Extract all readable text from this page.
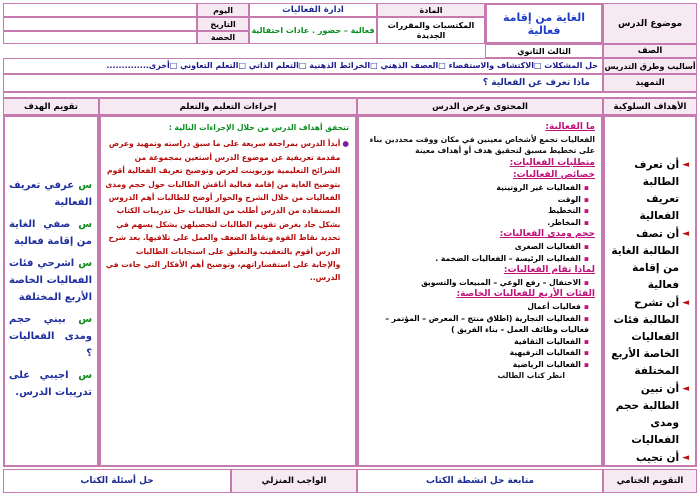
موضوع الدرس
الغاية من إقامة فعالية
المادة
المكتسبات والمقررات الجديدة
ادارة الفعاليات
فعالية – حضور . عادات احتفالية
اليوم
التاريخ
الحصة
الصف
الثالث الثانوي
أساليب وطرق التدريس
حل المشكلات □الاكتشاف والاستقصاء □العصف الذهني □الخرائط الذهنية □التعلم الذاتي □التعلم التعاوني □أخرى..............
التمهيد
ماذا تعرف عن الفعالية ؟
الأهداف السلوكية
المحتوى وعرض الدرس
إجراءات التعليم والتعلم
تقويم الهدف
◄
أن تعرف الطالبة تعريف الفعالية
◄
أن تصف الطالبة الغاية من إقامة فعالية
◄
أن تشرح الطالبة فئات الفعاليات الخاصة الأربع المختلفة
◄
أن تبين الطالبة حجم ومدى الفعاليات
◄
أن تجيب
ما الفعالية:
الفعاليات تجمع لأشخاص معينين في مكان ووقت محددين بناء على تخطيط مسبق لتحقيق هدف أو أهداف معينة
متطلبات الفعاليات:
خصائص الفعاليات:
▪ الفعاليات غير الروتينية
▪ الوقت
▪ التخطيط
▪ المخاطر.
حجم ومدى الفعاليات:
▪ الفعاليات الصغرى
▪ الفعاليات الرئيسة – الفعاليات الضخمة .
لماذا تقام الفعاليات:
▪ الاحتفال – رفع الوعي – المبيعات والتسويق
الفئات الأربع للفعاليات الخاصة:
▪ فعاليات أعمال
▪ الفعاليات التجارية (اطلاق منتج – المعرض – المؤتمر – فعاليات وظائف العمل – بناء الفريق )
▪ الفعاليات الثقافية
▪ الفعاليات الترفيهية
▪ الفعاليات الرياضية
انظر كتاب الطالب
تتحقق أهداف الدرس من خلال الإجراءات التالية :
●
أبدأ الدرس بمراجعة سريعة على ما سبق دراسته وتمهيد وعرض مقدمة تعريفية عن موضوع الدرس أستعين بمجموعة من الشرائح التعليمية بوربوينت لعرض وتوضيح تعريف الفعالية أقوم بتوضيح الغاية من إقامة فعالية أناقش الطالبات حول حجم ومدى الفعاليات من خلال الشرح والحوار أوضح للطالبات أهم الدروس المستفادة من الدرس أطلب من الطالبات حل تدريبات الكتاب بشكل جاد بغرض تقويم الطالبات لتحصيلهن بشكل يسهم في تحديد نقاط القوة ونقاط الضعف والعمل على تلافيها. بعد شرح الدرس أقوم بالتعقيب والتعليق على استجابات الطالبات والإجابة على استفساراتهم، وتوضيح أهم الأفكار التي جاءت في الدرس..
س عرفي تعريف الفعالية
س صفي الغاية من إقامة فعالية
س اشرحي فئات الفعاليات الخاصة الأربع المختلفة
س بيني حجم ومدى الفعاليات ؟
س اجيبي على تدريبات الدرس.
التقويم الختامي
متابعة حل انشطة الكتاب
الواجب المنزلي
حل أسئلة الكتاب
